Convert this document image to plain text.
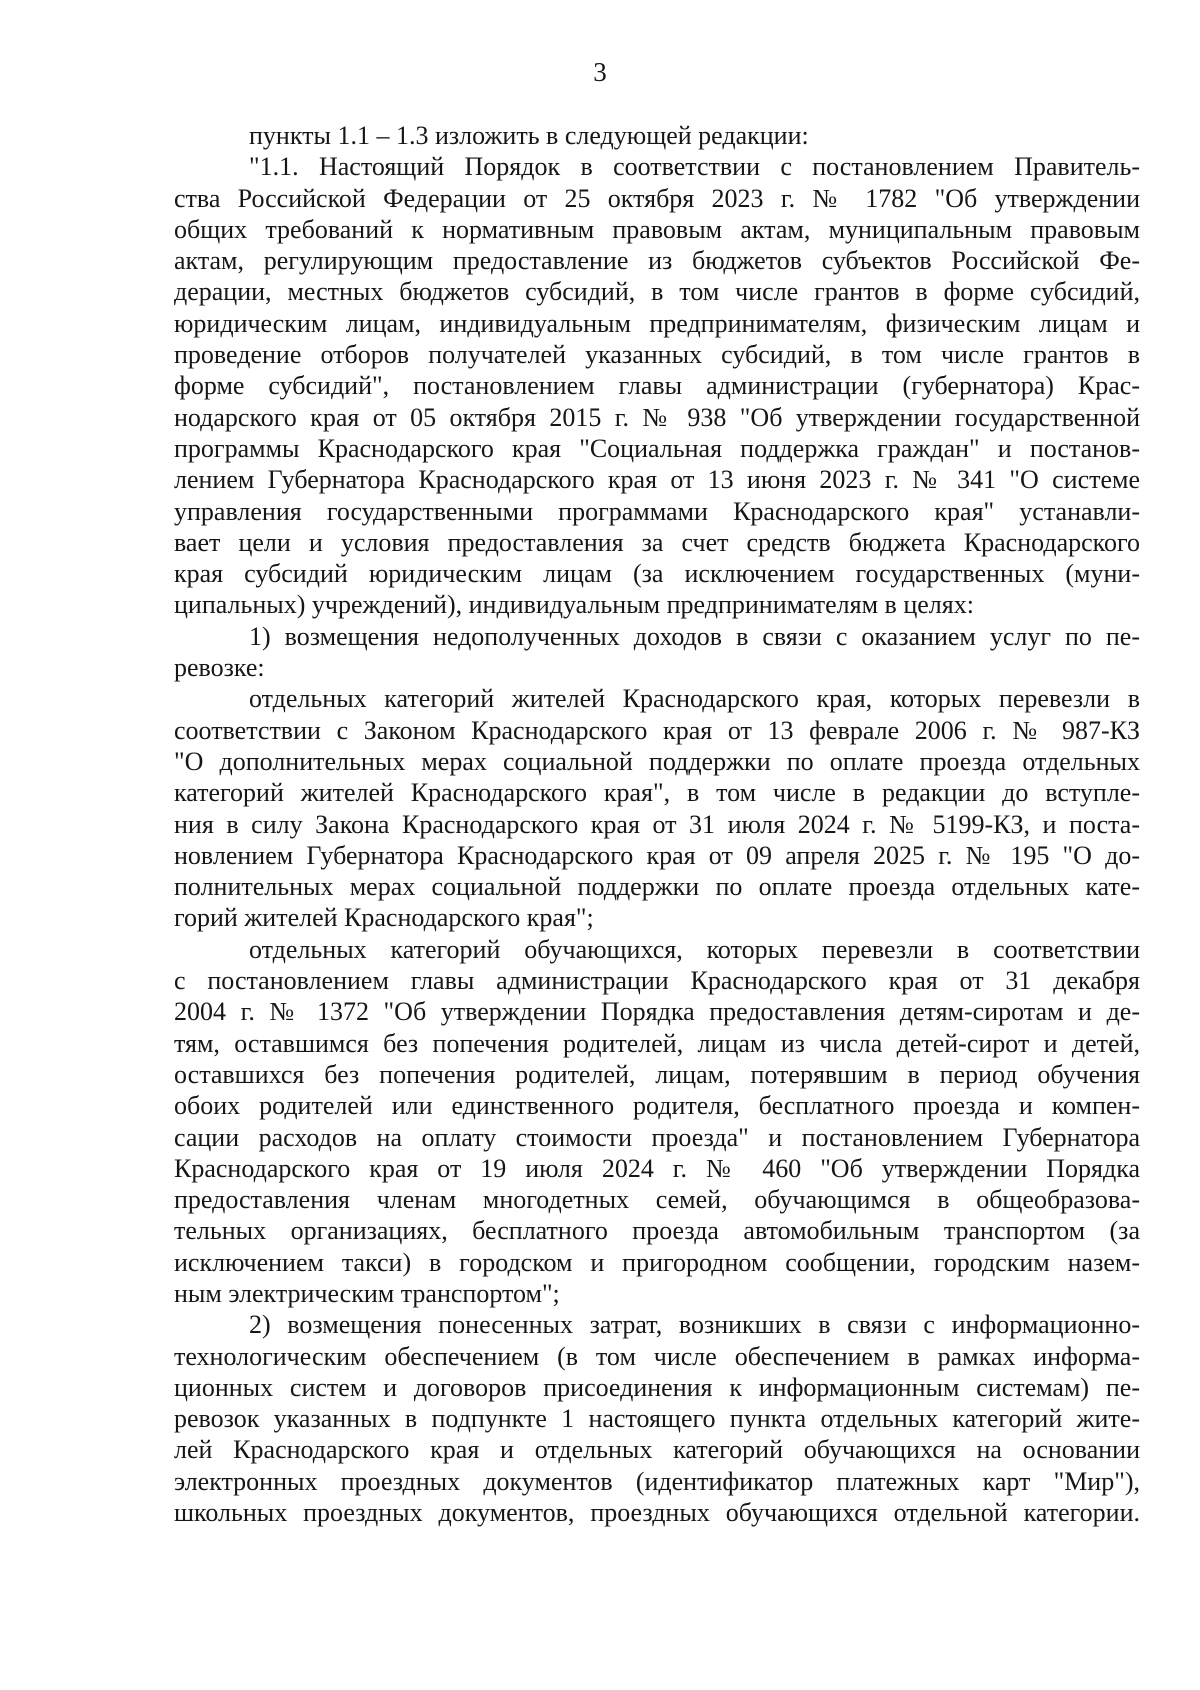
3
пункты 1.1 – 1.3 изложить в следующей редакции:
"1.1. Настоящий Порядок в соответствии с постановлением Правитель-
ства Российской Федерации от 25 октября 2023 г. № 1782 "Об утверждении
общих требований к нормативным правовым актам, муниципальным правовым
актам, регулирующим предоставление из бюджетов субъектов Российской Фе-
дерации, местных бюджетов субсидий, в том числе грантов в форме субсидий,
юридическим лицам, индивидуальным предпринимателям, физическим лицам и
проведение отборов получателей указанных субсидий, в том числе грантов в
форме субсидий", постановлением главы администрации (губернатора) Крас-
нодарского края от 05 октября 2015 г. № 938 "Об утверждении государственной
программы Краснодарского края "Социальная поддержка граждан" и постанов-
лением Губернатора Краснодарского края от 13 июня 2023 г. № 341 "О системе
управления государственными программами Краснодарского края" устанавли-
вает цели и условия предоставления за счет средств бюджета Краснодарского
края субсидий юридическим лицам (за исключением государственных (муни-
ципальных) учреждений), индивидуальным предпринимателям в целях:
1) возмещения недополученных доходов в связи с оказанием услуг по пе-
ревозке:
отдельных категорий жителей Краснодарского края, которых перевезли в
соответствии с Законом Краснодарского края от 13 феврале 2006 г. № 987-КЗ
"О дополнительных мерах социальной поддержки по оплате проезда отдельных
категорий жителей Краснодарского края", в том числе в редакции до вступле-
ния в силу Закона Краснодарского края от 31 июля 2024 г. № 5199-КЗ, и поста-
новлением Губернатора Краснодарского края от 09 апреля 2025 г. № 195 "О до-
полнительных мерах социальной поддержки по оплате проезда отдельных кате-
горий жителей Краснодарского края";
отдельных категорий обучающихся, которых перевезли в соответствии
с постановлением главы администрации Краснодарского края от 31 декабря
2004 г. № 1372 "Об утверждении Порядка предоставления детям-сиротам и де-
тям, оставшимся без попечения родителей, лицам из числа детей-сирот и детей,
оставшихся без попечения родителей, лицам, потерявшим в период обучения
обоих родителей или единственного родителя, бесплатного проезда и компен-
сации расходов на оплату стоимости проезда" и постановлением Губернатора
Краснодарского края от 19 июля 2024 г. № 460 "Об утверждении Порядка
предоставления членам многодетных семей, обучающимся в общеобразова-
тельных организациях, бесплатного проезда автомобильным транспортом (за
исключением такси) в городском и пригородном сообщении, городским назем-
ным электрическим транспортом";
2) возмещения понесенных затрат, возникших в связи с информационно-
технологическим обеспечением (в том числе обеспечением в рамках информа-
ционных систем и договоров присоединения к информационным системам) пе-
ревозок указанных в подпункте 1 настоящего пункта отдельных категорий жите-
лей Краснодарского края и отдельных категорий обучающихся на основании
электронных проездных документов (идентификатор платежных карт "Мир"),
школьных проездных документов, проездных обучающихся отдельной категории.
